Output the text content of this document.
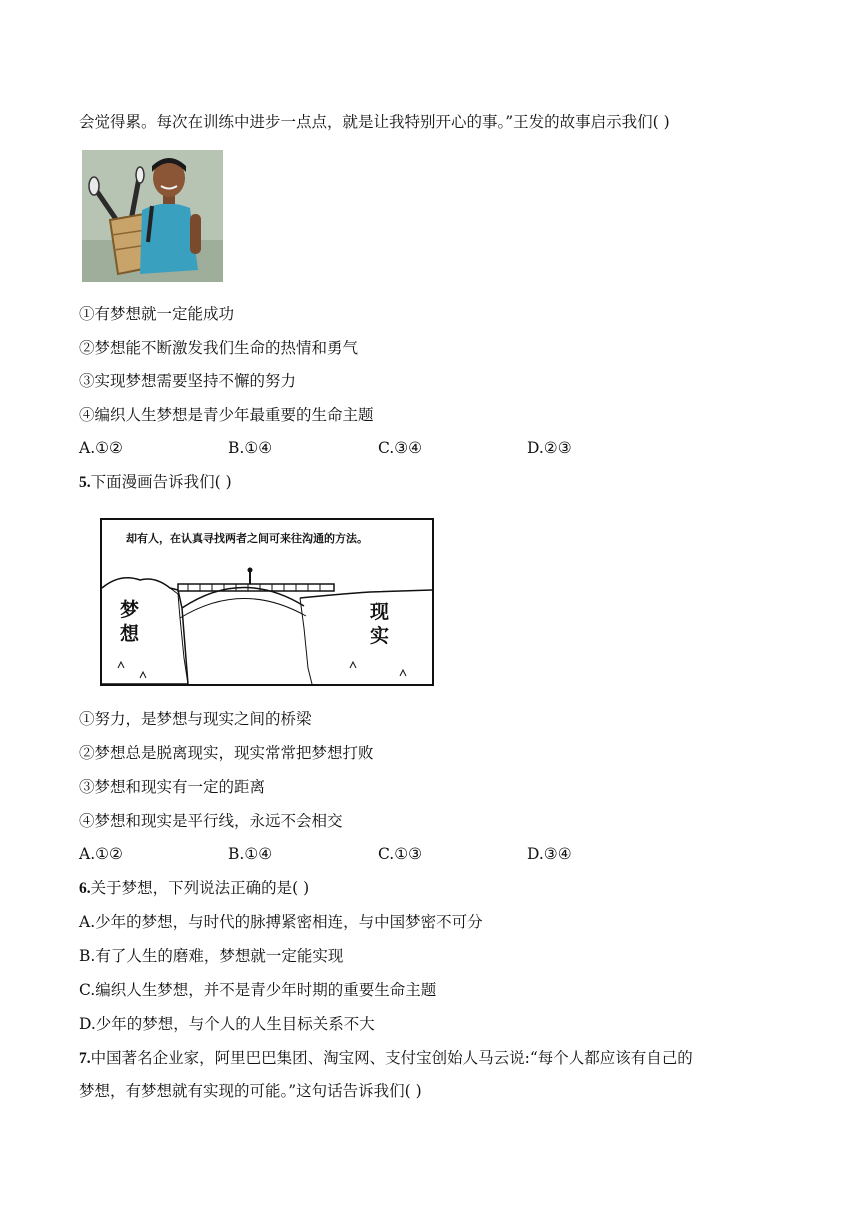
会觉得累。每次在训练中进步一点点，就是让我特别开心的事。”王发的故事启示我们( )
①有梦想就一定能成功
②梦想能不断激发我们生命的热情和勇气
③实现梦想需要坚持不懈的努力
④编织人生梦想是青少年最重要的生命主题
A.①②	B.①④	C.③④	D.②③
5.下面漫画告诉我们( )
却有人，在认真寻找两者之间可来往沟通的方法。
梦想
现实
①努力，是梦想与现实之间的桥梁
②梦想总是脱离现实，现实常常把梦想打败
③梦想和现实有一定的距离
④梦想和现实是平行线，永远不会相交
A.①②	B.①④	C.①③	D.③④
6.关于梦想，下列说法正确的是( )
A.少年的梦想，与时代的脉搏紧密相连，与中国梦密不可分
B.有了人生的磨难，梦想就一定能实现
C.编织人生梦想，并不是青少年时期的重要生命主题
D.少年的梦想，与个人的人生目标关系不大
7.中国著名企业家，阿里巴巴集团、淘宝网、支付宝创始人马云说:“每个人都应该有自己的
梦想，有梦想就有实现的可能。”这句话告诉我们( )
